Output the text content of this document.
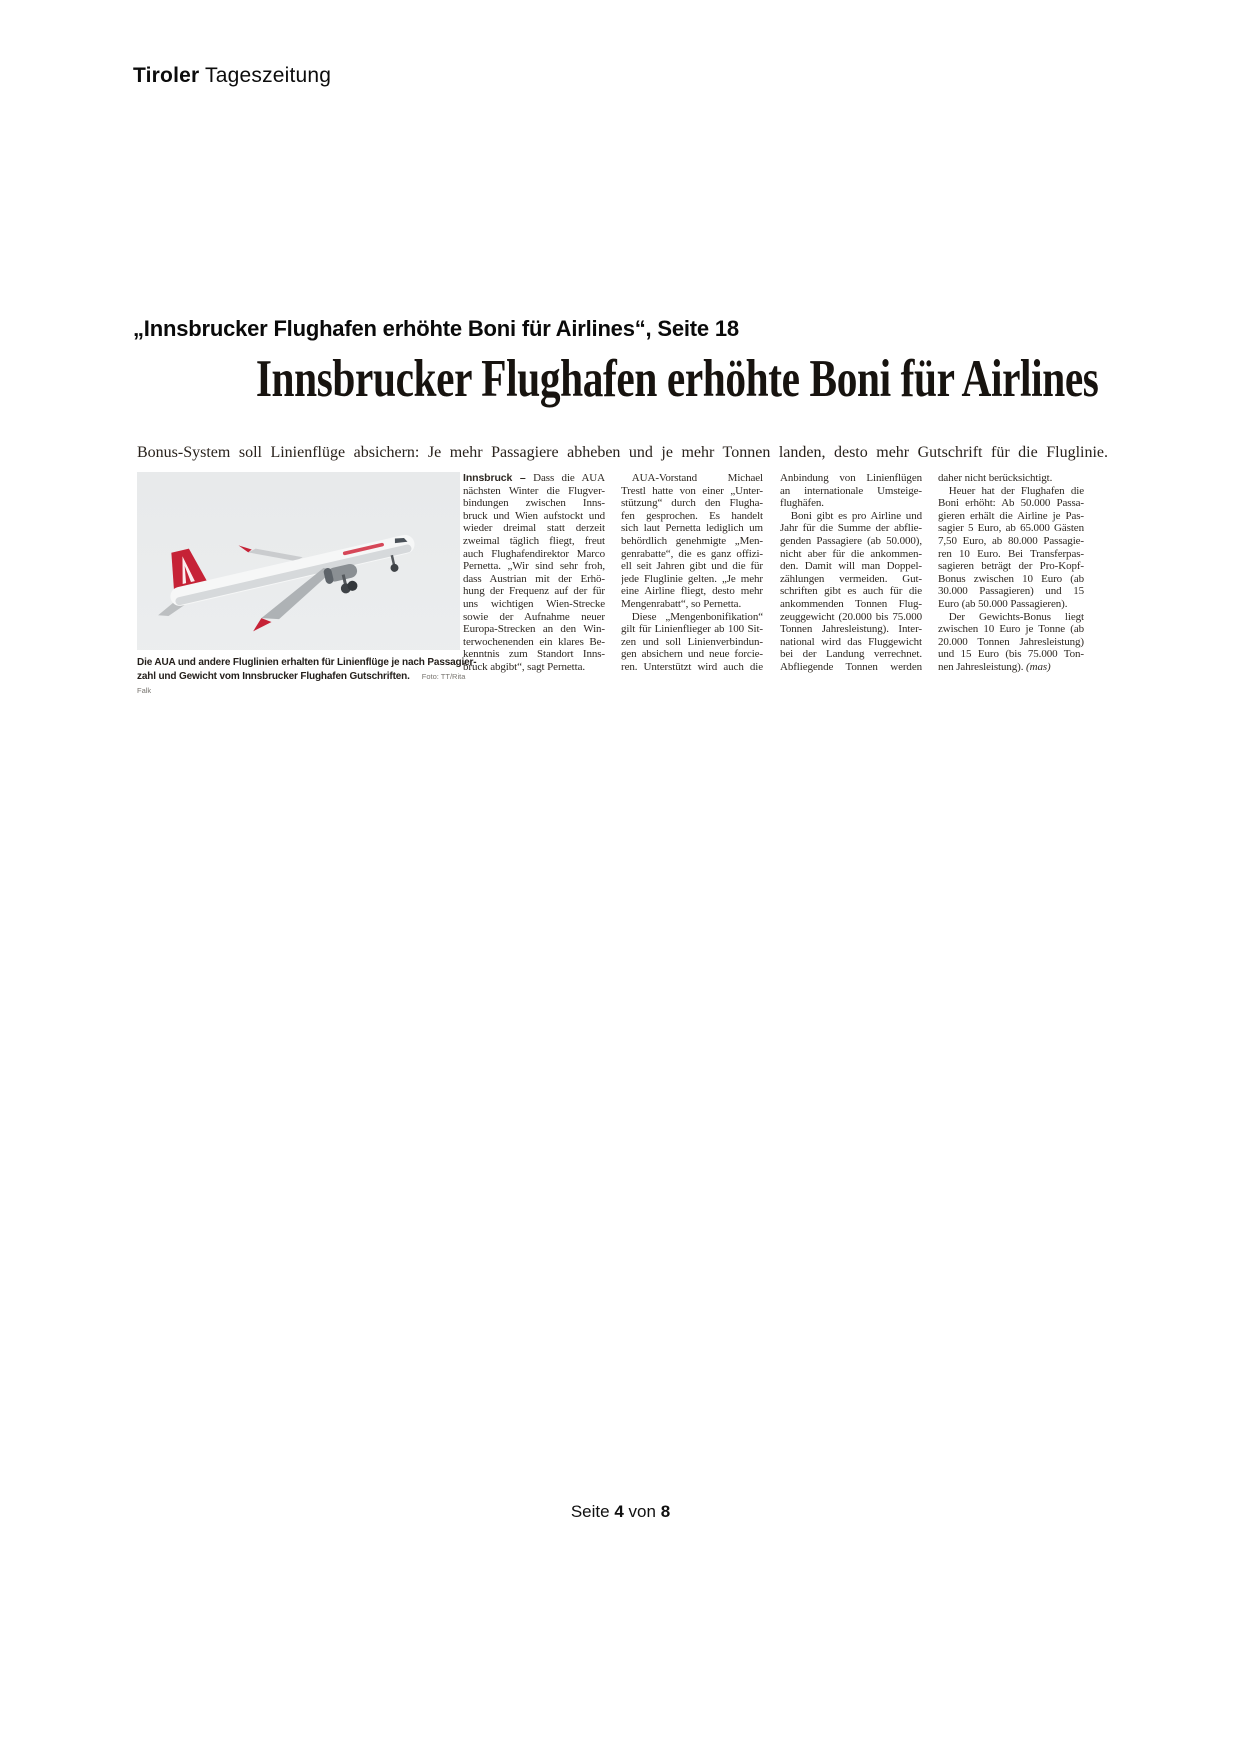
Tiroler Tageszeitung
„Innsbrucker Flughafen erhöhte Boni für Airlines“, Seite 18
Innsbrucker Flughafen erhöhte Boni für Airlines
Bonus-System soll Linienflüge absichern: Je mehr Passagiere abheben und je mehr Tonnen landen, desto mehr Gutschrift für die Fluglinie.
Die AUA und andere Fluglinien erhalten für Linienflüge je nach Passagier-
zahl und Gewicht vom Innsbrucker Flughafen Gutschriften. Foto: TT/Rita Falk
Innsbruck – Dass die AUA
nächsten Winter die Flugver-
bindungen zwischen Inns-
bruck und Wien aufstockt und
wieder dreimal statt derzeit
zweimal täglich fliegt, freut
auch Flughafendirektor Marco
Pernetta. „Wir sind sehr froh,
dass Austrian mit der Erhö-
hung der Frequenz auf der für
uns wichtigen Wien-Strecke
sowie der Aufnahme neuer
Europa-Strecken an den Win-
terwochenenden ein klares Be-
kenntnis zum Standort Inns-
bruck abgibt“, sagt Pernetta.
  AUA-Vorstand Michael
Trestl hatte von einer „Unter-
stützung“ durch den Flugha-
fen gesprochen. Es handelt
sich laut Pernetta lediglich um
behördlich genehmigte „Men-
genrabatte“, die es ganz offizi-
ell seit Jahren gibt und die für
jede Fluglinie gelten. „Je mehr
eine Airline fliegt, desto mehr
Mengenrabatt“, so Pernetta.
  Diese „Mengenbonifikation“
gilt für Linienflieger ab 100 Sit-
zen und soll Linienverbindun-
gen absichern und neue forcie-
ren. Unterstützt wird auch die
Anbindung von Linienflügen
an internationale Umsteige-
flughäfen.
  Boni gibt es pro Airline und
Jahr für die Summe der abflie-
genden Passagiere (ab 50.000),
nicht aber für die ankommen-
den. Damit will man Doppel-
zählungen vermeiden. Gut-
schriften gibt es auch für die
ankommenden Tonnen Flug-
zeuggewicht (20.000 bis 75.000
Tonnen Jahresleistung). Inter-
national wird das Fluggewicht
bei der Landung verrechnet.
Abfliegende Tonnen werden
daher nicht berücksichtigt.
  Heuer hat der Flughafen die
Boni erhöht: Ab 50.000 Passa-
gieren erhält die Airline je Pas-
sagier 5 Euro, ab 65.000 Gästen
7,50 Euro, ab 80.000 Passagie-
ren 10 Euro. Bei Transferpas-
sagieren beträgt der Pro-Kopf-
Bonus zwischen 10 Euro (ab
30.000 Passagieren) und 15
Euro (ab 50.000 Passagieren).
  Der Gewichts-Bonus liegt
zwischen 10 Euro je Tonne (ab
20.000 Tonnen Jahresleistung)
und 15 Euro (bis 75.000 Ton-
nen Jahresleistung). (mas)
Seite 4 von 8
